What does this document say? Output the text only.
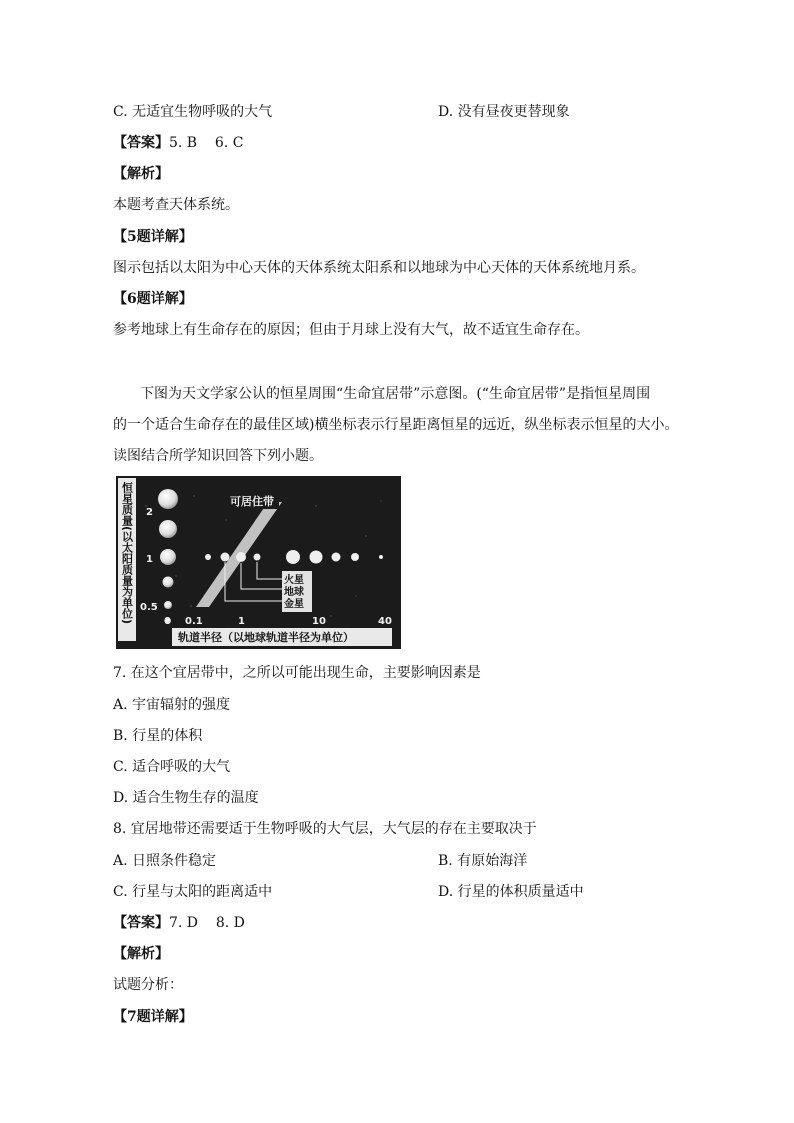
C. 无适宜生物呼吸的大气	D. 没有昼夜更替现象
【答案】5. B    6. C
【解析】
本题考查天体系统。
【5题详解】
图示包括以太阳为中心天体的天体系统太阳系和以地球为中心天体的天体系统地月系。
【6题详解】
参考地球上有生命存在的原因；但由于月球上没有大气，故不适宜生命存在。
下图为天文学家公认的恒星周围“生命宜居带”示意图。(“生命宜居带”是指恒星周围
的一个适合生命存在的最佳区域)横坐标表示行星距离恒星的远近，纵坐标表示恒星的大小。
读图结合所学知识回答下列小题。
恒星质量(以太阳质量为单位) 2
1
0.5
可居住带
火星
地球
金星
0 0.1	1	10	40
轨道半径（以地球轨道半径为单位）
7. 在这个宜居带中，之所以可能出现生命，主要影响因素是
A. 宇宙辐射的强度
B. 行星的体积
C. 适合呼吸的大气
D. 适合生物生存的温度
8. 宜居地带还需要适于生物呼吸的大气层，大气层的存在主要取决于
A. 日照条件稳定	B. 有原始海洋
C. 行星与太阳的距离适中	D. 行星的体积质量适中
【答案】7. D    8. D
【解析】
试题分析：
【7题详解】
